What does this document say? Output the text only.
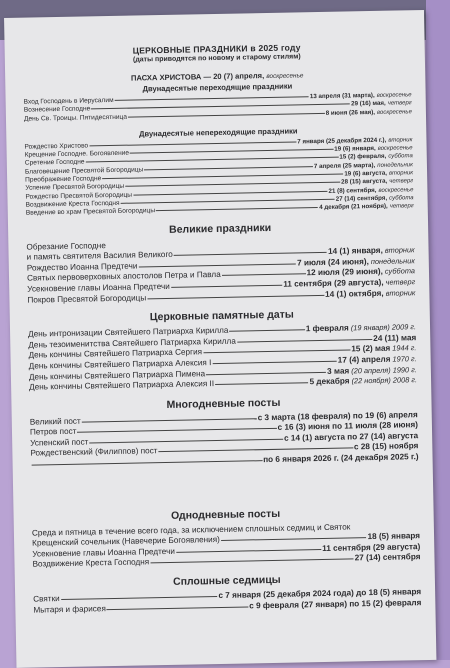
ЦЕРКОВНЫЕ ПРАЗДНИКИ в 2025 году
(даты приводятся по новому и старому стилям)
ПАСХА ХРИСТОВА — 20 (7) апреля, воскресенье
Двунадесятые переходящие праздники
Вход Господень в Иерусалим
13 апреля (31 марта), воскресенье
Вознесение Господне
29 (16) мая, четверг
День Св. Троицы. Пятидесятница
8 июня (26 мая), воскресенье
Двунадесятые непереходящие праздники
Рождество Христово
7 января (25 декабря 2024 г.), вторник
Крещение Господне. Богоявление
19 (6) января, воскресенье
Сретение Господне
15 (2) февраля, суббота
Благовещение Пресвятой Богородицы
7 апреля (25 марта), понедельник
Преображение Господне
19 (6) августа, вторник
Успение Пресвятой Богородицы
28 (15) августа, четверг
Рождество Пресвятой Богородицы
21 (8) сентября, воскресенье
Воздвижение Креста Господня
27 (14) сентября, суббота
Введение во храм Пресвятой Богородицы
4 декабря (21 ноября), четверг
Великие праздники
Обрезание Господне
и память святителя Василия Великого	14 (1) января, вторник
Рождество Иоанна Предтечи	7 июля (24 июня), понедельник
Святых первоверховных апостолов Петра и Павла	12 июля (29 июня), суббота
Усекновение главы Иоанна Предтечи	11 сентября (29 августа), четверг
Покров Пресвятой Богородицы	14 (1) октября, вторник
Церковные памятные даты
День интронизации Святейшего Патриарха Кирилла	1 февраля (19 января) 2009 г.
День тезоименитства Святейшего Патриарха Кирилла	24 (11) мая
День кончины Святейшего Патриарха Сергия	15 (2) мая 1944 г.
День кончины Святейшего Патриарха Алексия I	17 (4) апреля 1970 г.
День кончины Святейшего Патриарха Пимена	3 мая (20 апреля) 1990 г.
День кончины Святейшего Патриарха Алексия II	5 декабря (22 ноября) 2008 г.
Многодневные посты
Великий пост	с 3 марта (18 февраля) по 19 (6) апреля
Петров пост	с 16 (3) июня по 11 июля (28 июня)
Успенский пост	с 14 (1) августа по 27 (14) августа
Рождественский (Филиппов) пост	с 28 (15) ноября
по 6 января 2026 г. (24 декабря 2025 г.)
Однодневные посты
Среда и пятница в течение всего года, за исключением сплошных седмиц и Святок
Крещенский сочельник (Навечерие Богоявления)	18 (5) января
Усекновение главы Иоанна Предтечи	11 сентября (29 августа)
Воздвижение Креста Господня
27 (14) сентября
Сплошные седмицы
Святки	с 7 января (25 декабря 2024 года) до 18 (5) января
Мытаря и фарисея	с 9 февраля (27 января) по 15 (2) февраля
